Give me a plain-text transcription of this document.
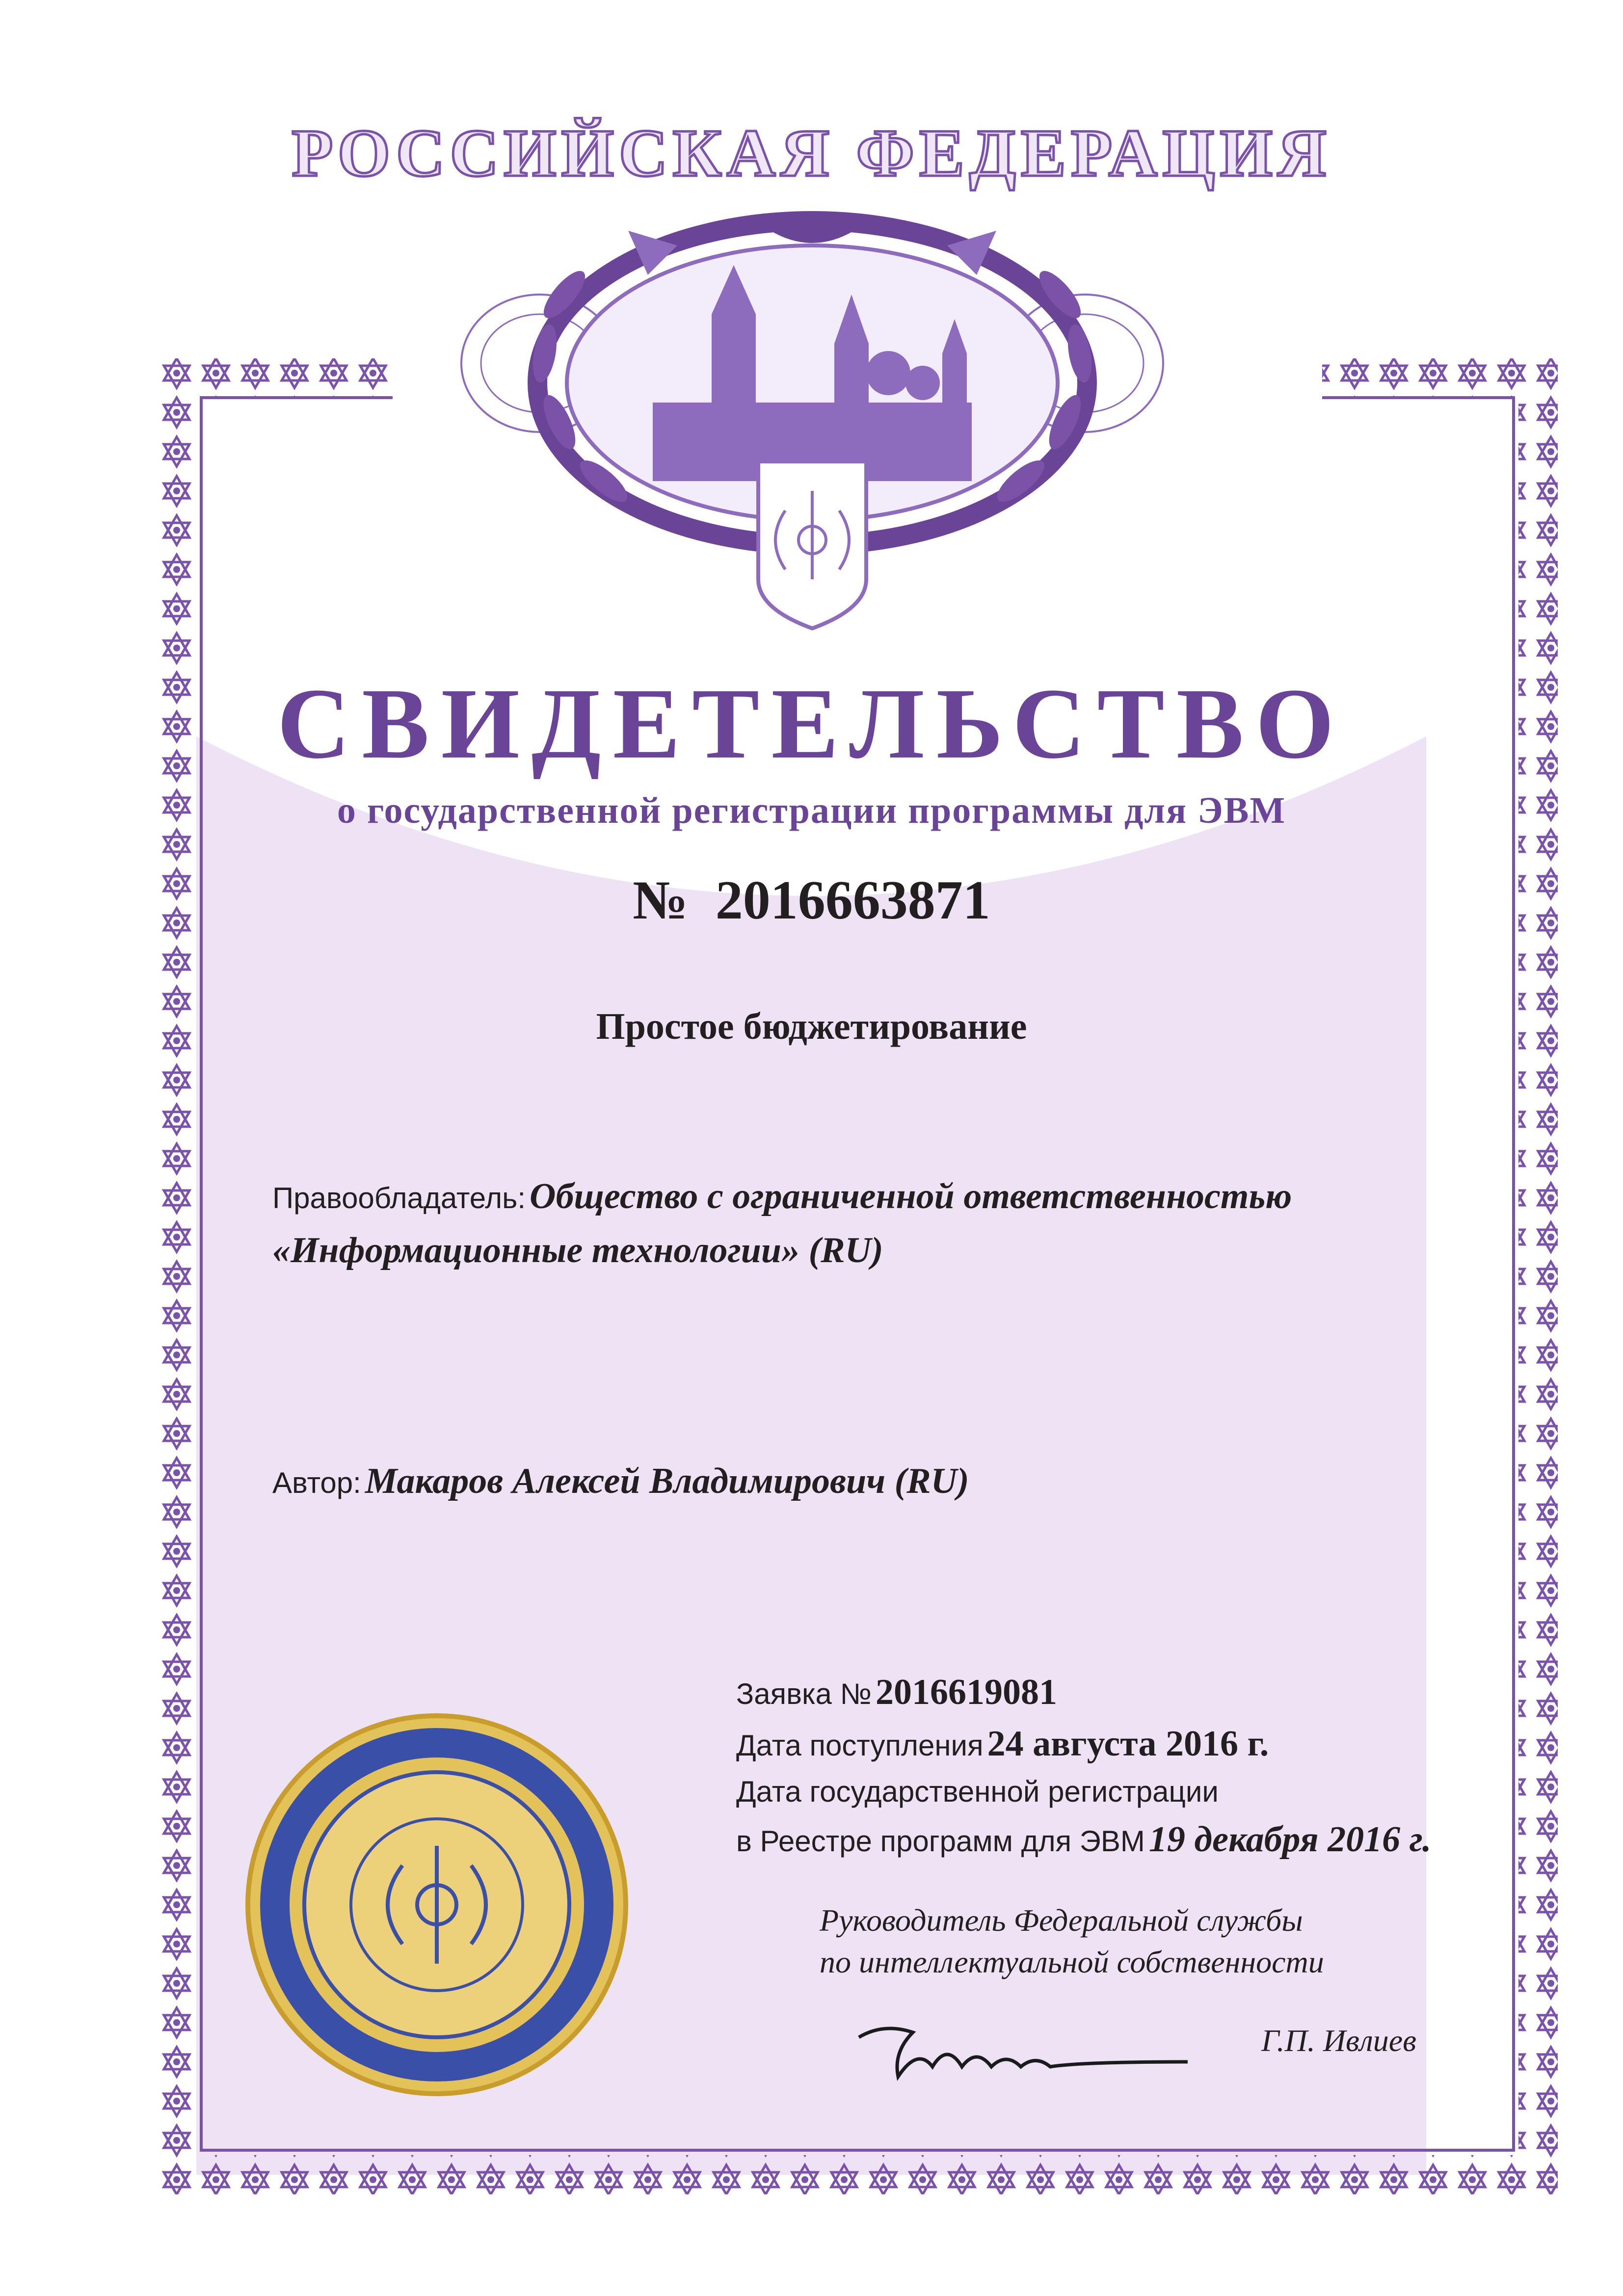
РОССИЙСКАЯ ФЕДЕРАЦИЯ
СВИДЕТЕЛЬСТВО
о государственной регистрации программы для ЭВМ
№ 2016663871
Простое бюджетирование
Правообладатель: Общество с ограниченной ответственностью
«Информационные технологии» (RU)
Автор: Макаров Алексей Владимирович (RU)
Заявка № 2016619081
Дата поступления 24 августа 2016 г.
Дата государственной регистрации
в Реестре программ для ЭВМ 19 декабря 2016 г.
Руководитель Федеральной службы
по интеллектуальной собственности
Г.П. Ивлиев
